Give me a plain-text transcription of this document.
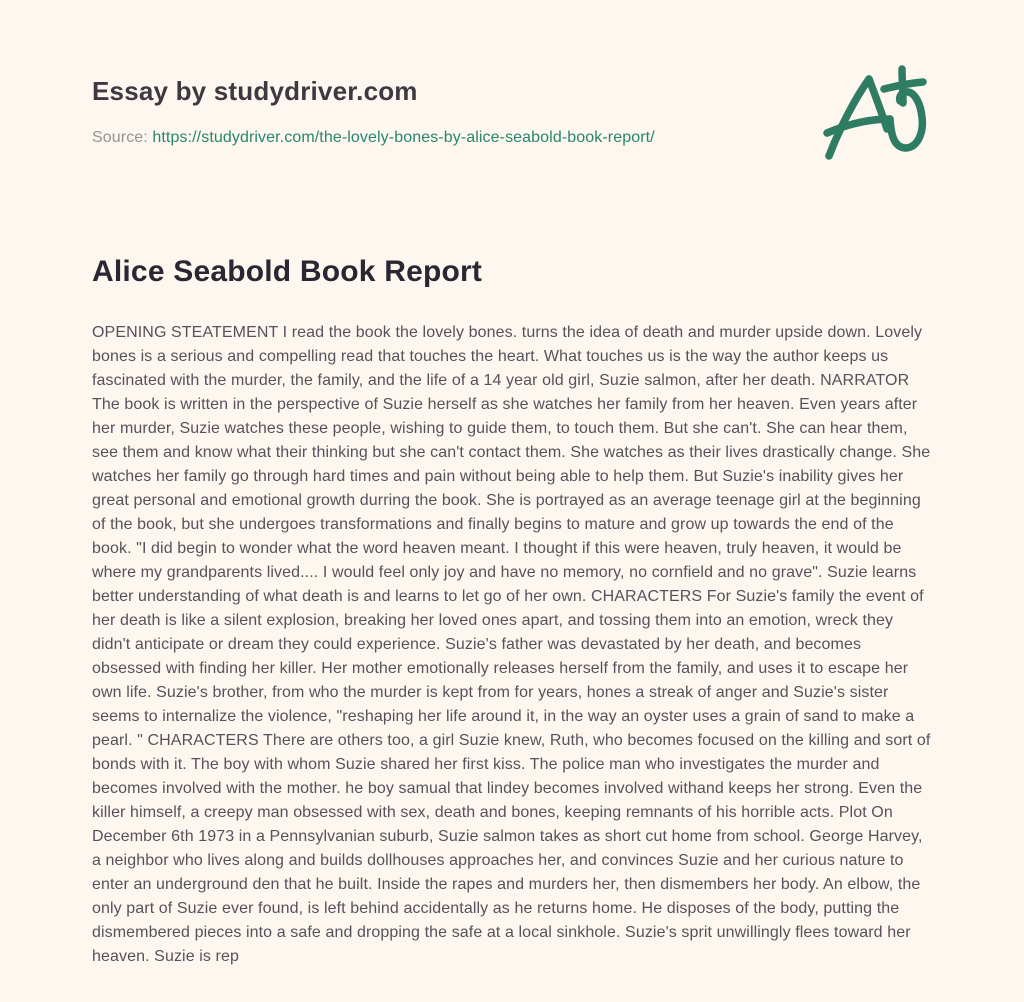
Essay by studydriver.com
Source: https://studydriver.com/the-lovely-bones-by-alice-seabold-book-report/
Alice Seabold Book Report

OPENING STEATEMENT I read the book the lovely bones. turns the idea of death and murder upside down. Lovely bones is a serious and compelling read that touches the heart. What touches us is the way the author keeps us fascinated with the murder, the family, and the life of a 14 year old girl, Suzie salmon, after her death. NARRATOR The book is written in the perspective of Suzie herself as she watches her family from her heaven. Even years after her murder, Suzie watches these people, wishing to guide them, to touch them. But she can't. She can hear them, see them and know what their thinking but she can't contact them. She watches as their lives drastically change. She watches her family go through hard times and pain without being able to help them. But Suzie's inability gives her great personal and emotional growth durring the book. She is portrayed as an average teenage girl at the beginning of the book, but she undergoes transformations and finally begins to mature and grow up towards the end of the book. "I did begin to wonder what the word heaven meant. I thought if this were heaven, truly heaven, it would be where my grandparents lived.... I would feel only joy and have no memory, no cornfield and no grave". Suzie learns better understanding of what death is and learns to let go of her own. CHARACTERS For Suzie's family the event of her death is like a silent explosion, breaking her loved ones apart, and tossing them into an emotion, wreck they didn't anticipate or dream they could experience. Suzie's father was devastated by her death, and becomes obsessed with finding her killer. Her mother emotionally releases herself from the family, and uses it to escape her own life. Suzie's brother, from who the murder is kept from for years, hones a streak of anger and Suzie's sister seems to internalize the violence, "reshaping her life around it, in the way an oyster uses a grain of sand to make a pearl. " CHARACTERS There are others too, a girl Suzie knew, Ruth, who becomes focused on the killing and sort of bonds with it. The boy with whom Suzie shared her first kiss. The police man who investigates the murder and becomes involved with the mother. he boy samual that lindey becomes involved withand keeps her strong. Even the killer himself, a creepy man obsessed with sex, death and bones, keeping remnants of his horrible acts. Plot On December 6th 1973 in a Pennsylvanian suburb, Suzie salmon takes as short cut home from school. George Harvey, a neighbor who lives along and builds dollhouses approaches her, and convinces Suzie and her curious nature to enter an underground den that he built. Inside the rapes and murders her, then dismembers her body. An elbow, the only part of Suzie ever found, is left behind accidentally as he returns home. He disposes of the body, putting the dismembered pieces into a safe and dropping the safe at a local sinkhole. Suzie's sprit unwillingly flees toward her heaven. Suzie is rep
